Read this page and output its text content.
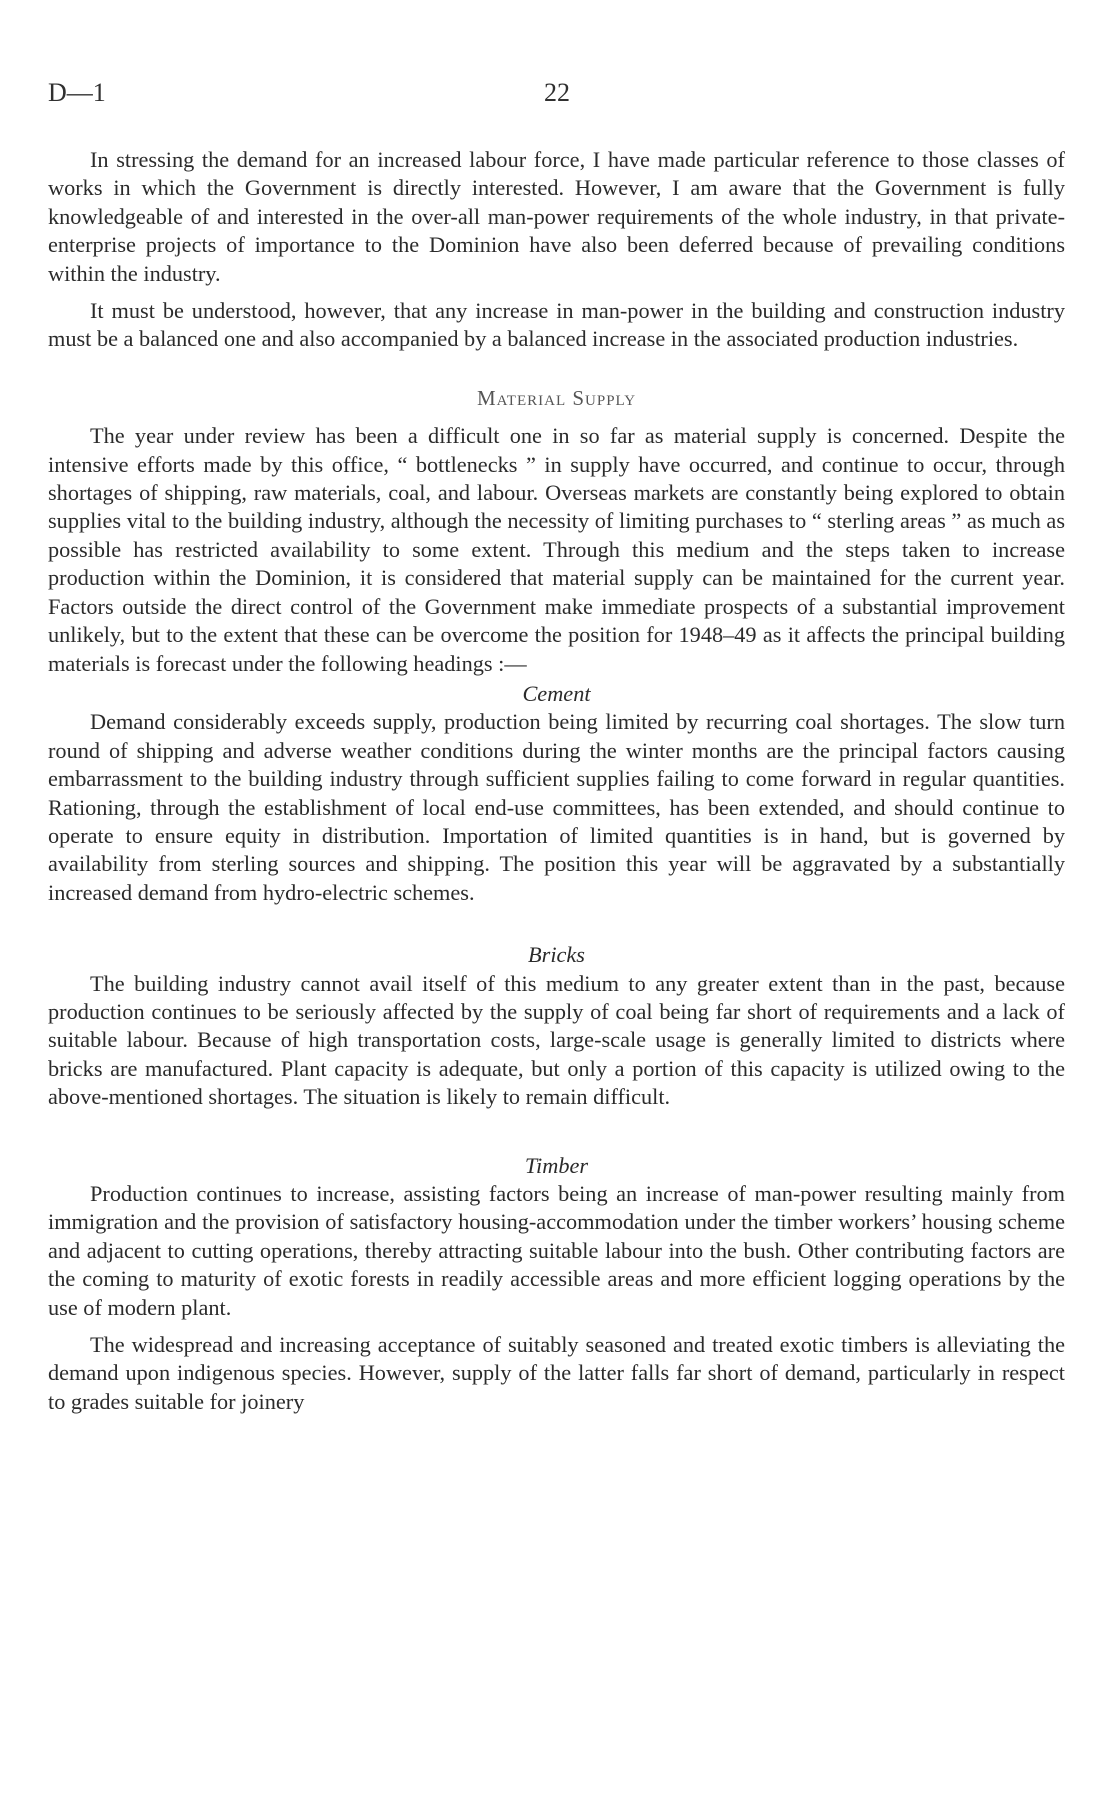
D—1	22

In stressing the demand for an increased labour force, I have made particular reference to those classes of works in which the Government is directly interested. However, I am aware that the Government is fully knowledgeable of and interested in the over-all man-power requirements of the whole industry, in that private-enterprise projects of importance to the Dominion have also been deferred because of prevailing conditions within the industry.

It must be understood, however, that any increase in man-power in the building and construction industry must be a balanced one and also accompanied by a balanced increase in the associated production industries.

Material Supply

The year under review has been a difficult one in so far as material supply is concerned. Despite the intensive efforts made by this office, “ bottlenecks ” in supply have occurred, and continue to occur, through shortages of shipping, raw materials, coal, and labour. Overseas markets are constantly being explored to obtain supplies vital to the building industry, although the necessity of limiting purchases to “ sterling areas ” as much as possible has restricted availability to some extent. Through this medium and the steps taken to increase production within the Dominion, it is considered that material supply can be maintained for the current year. Factors outside the direct control of the Government make immediate prospects of a substantial improvement unlikely, but to the extent that these can be overcome the position for 1948–49 as it affects the principal building materials is forecast under the following headings :—

Cement

Demand considerably exceeds supply, production being limited by recurring coal shortages. The slow turn round of shipping and adverse weather conditions during the winter months are the principal factors causing embarrassment to the building industry through sufficient supplies failing to come forward in regular quantities. Rationing, through the establishment of local end-use committees, has been extended, and should continue to operate to ensure equity in distribution. Importation of limited quantities is in hand, but is governed by availability from sterling sources and shipping. The position this year will be aggravated by a substantially increased demand from hydro-electric schemes.

Bricks

The building industry cannot avail itself of this medium to any greater extent than in the past, because production continues to be seriously affected by the supply of coal being far short of requirements and a lack of suitable labour. Because of high transportation costs, large-scale usage is generally limited to districts where bricks are manufactured. Plant capacity is adequate, but only a portion of this capacity is utilized owing to the above-mentioned shortages. The situation is likely to remain difficult.

Timber

Production continues to increase, assisting factors being an increase of man-power resulting mainly from immigration and the provision of satisfactory housing-accommodation under the timber workers’ housing scheme and adjacent to cutting operations, thereby attracting suitable labour into the bush. Other contributing factors are the coming to maturity of exotic forests in readily accessible areas and more efficient logging operations by the use of modern plant.

The widespread and increasing acceptance of suitably seasoned and treated exotic timbers is alleviating the demand upon indigenous species. However, supply of the latter falls far short of demand, particularly in respect to grades suitable for joinery
